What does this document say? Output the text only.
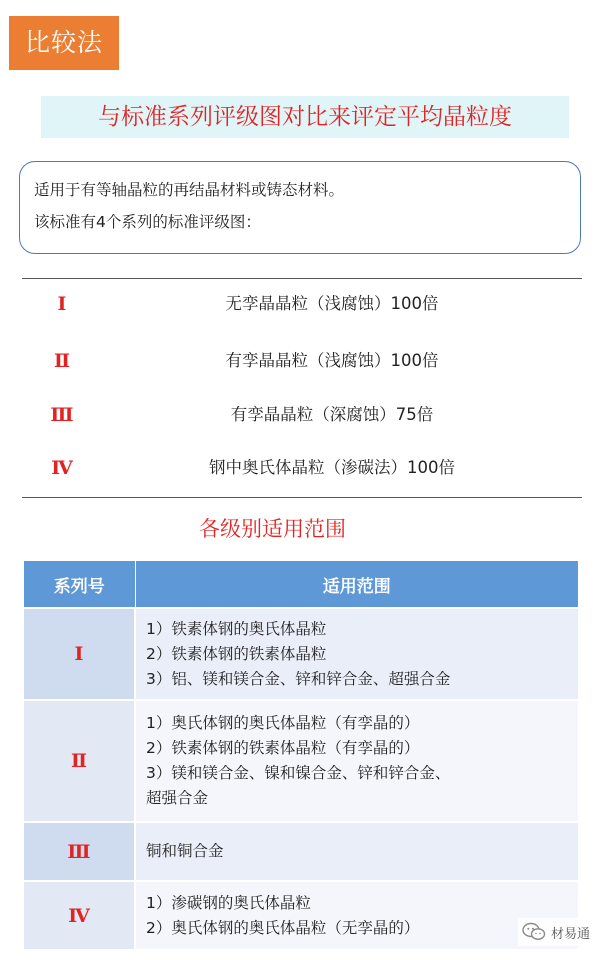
比较法
与标准系列评级图对比来评定平均晶粒度
适用于有等轴晶粒的再结晶材料或铸态材料。
该标准有4个系列的标准评级图：
Ⅰ	无孪晶晶粒（浅腐蚀）100倍
Ⅱ	有孪晶晶粒（浅腐蚀）100倍
Ⅲ	有孪晶晶粒（深腐蚀）75倍
Ⅳ	钢中奥氏体晶粒（渗碳法）100倍
各级别适用范围
系列号	适用范围
Ⅰ	1）铁素体钢的奥氏体晶粒
2）铁素体钢的铁素体晶粒
3）铝、镁和镁合金、锌和锌合金、超强合金

Ⅱ	1）奥氏体钢的奥氏体晶粒（有孪晶的）
2）铁素体钢的铁素体晶粒（有孪晶的）
3）镁和镁合金、镍和镍合金、锌和锌合金、
超强合金

Ⅲ	铜和铜合金

Ⅳ	1）渗碳钢的奥氏体晶粒
2）奥氏体钢的奥氏体晶粒（无孪晶的）	材易通
